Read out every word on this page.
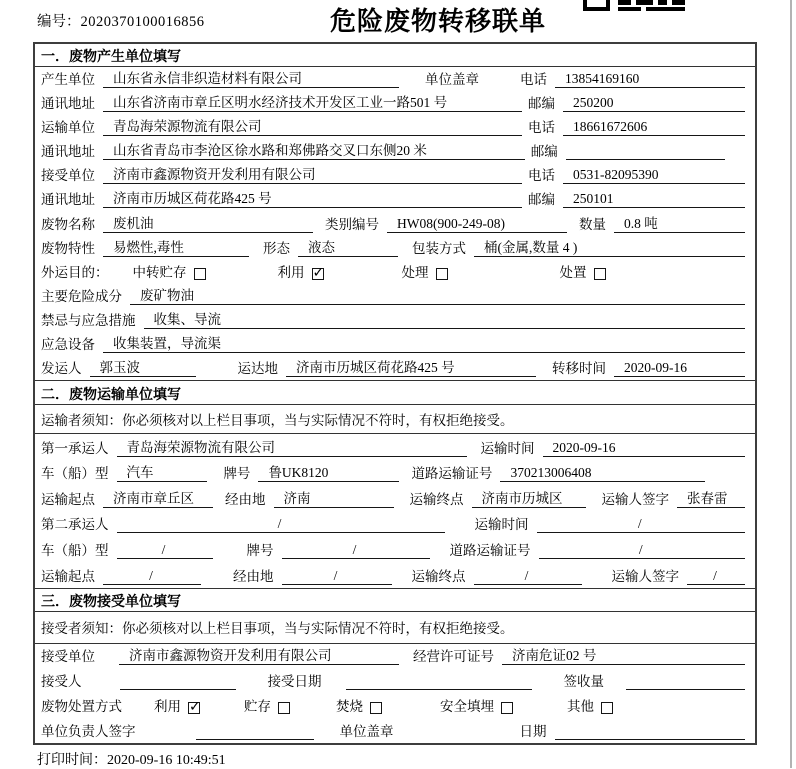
编号：2020370100016856	危险废物转移联单
一．废物产生单位填写
产生单位	山东省永信非织造材料有限公司	单位盖章	电话	13854169160
通讯地址	山东省济南市章丘区明水经济技术开发区工业一路501 号	邮编	250200
运输单位	青岛海荣源物流有限公司	电话	18661672606
通讯地址	山东省青岛市李沧区徐水路和郑佛路交叉口东侧20 米	邮编
接受单位	济南市鑫源物资开发利用有限公司	电话	0531-82095390
通讯地址	济南市历城区荷花路425 号	邮编	250101
废物名称	废机油	类别编号	HW08(900-249-08)	数量	0.8 吨
废物特性	易燃性,毒性	形态	液态	包装方式	桶(金属,数量 4 )
外运目的： 中转贮存	利用 ✓	处理	处置
主要危险成分	废矿物油
禁忌与应急措施	收集、导流
应急设备	收集装置，导流渠
发运人	郭玉波	运达地	济南市历城区荷花路425 号	转移时间	2020-09-16
二．废物运输单位填写
运输者须知：你必须核对以上栏目事项，当与实际情况不符时，有权拒绝接受。
第一承运人	青岛海荣源物流有限公司	运输时间	2020-09-16
车（船）型	汽车	牌号	鲁UK8120	道路运输证号	370213006408
运输起点	济南市章丘区	经由地	济南	运输终点	济南市历城区	运输人签字	张春雷
第二承运人	/	运输时间	/
车（船）型	/	牌号	/	道路运输证号	/
运输起点	/	经由地	/	运输终点	/	运输人签字	/
三．废物接受单位填写
接受者须知：你必须核对以上栏目事项，当与实际情况不符时，有权拒绝接受。
接受单位	济南市鑫源物资开发利用有限公司	经营许可证号	济南危证02 号
接受人	接受日期	签收量
废物处置方式 利用 ✓	贮存	焚烧	安全填埋	其他
单位负责人签字	单位盖章	日期
打印时间：2020-09-16 10:49:51
